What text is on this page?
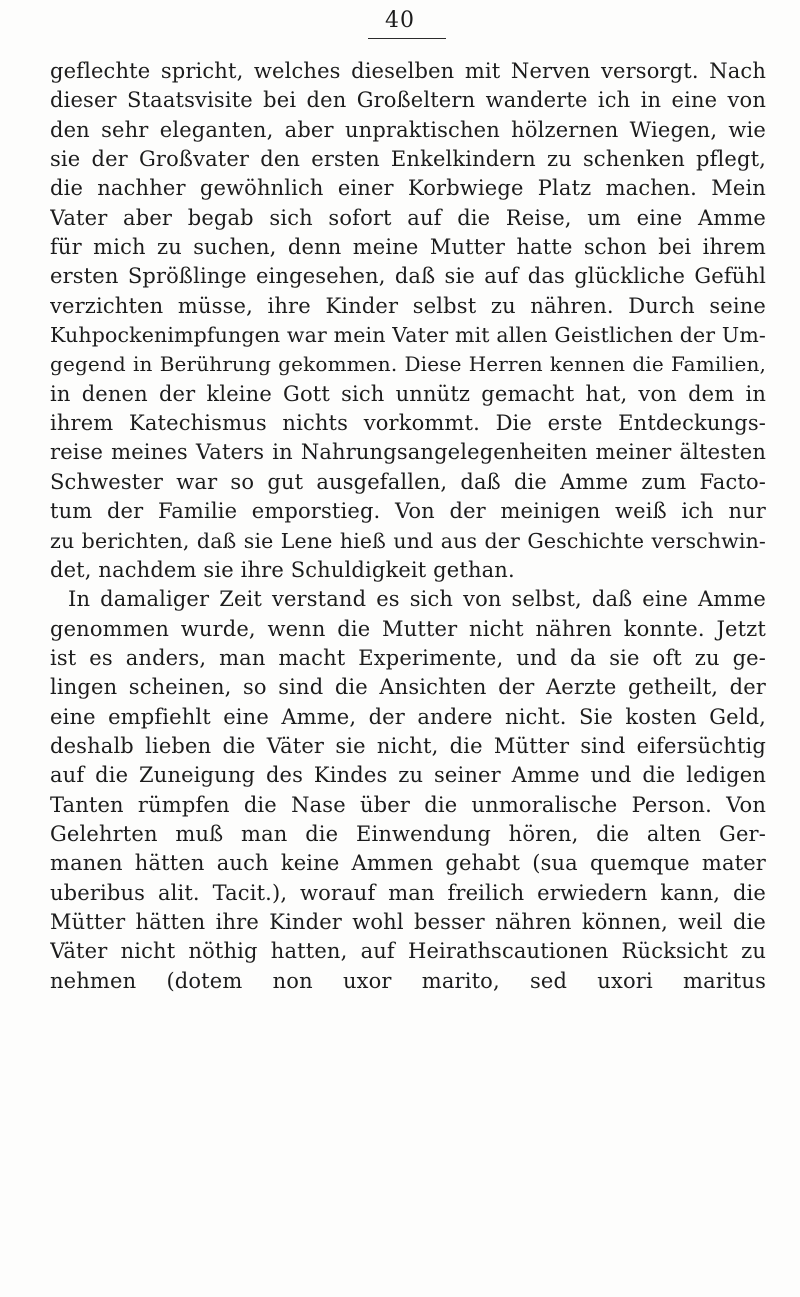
40
geflechte spricht, welches dieselben mit Nerven versorgt. Nach
dieser Staatsvisite bei den Großeltern wanderte ich in eine von
den sehr eleganten, aber unpraktischen hölzernen Wiegen, wie
sie der Großvater den ersten Enkelkindern zu schenken pflegt,
die nachher gewöhnlich einer Korbwiege Platz machen. Mein
Vater aber begab sich sofort auf die Reise, um eine Amme
für mich zu suchen, denn meine Mutter hatte schon bei ihrem
ersten Sprößlinge eingesehen, daß sie auf das glückliche Gefühl
verzichten müsse, ihre Kinder selbst zu nähren. Durch seine
Kuhpockenimpfungen war mein Vater mit allen Geistlichen der Um-
gegend in Berührung gekommen. Diese Herren kennen die Familien,
in denen der kleine Gott sich unnütz gemacht hat, von dem in
ihrem Katechismus nichts vorkommt. Die erste Entdeckungs-
reise meines Vaters in Nahrungsangelegenheiten meiner ältesten
Schwester war so gut ausgefallen, daß die Amme zum Facto-
tum der Familie emporstieg. Von der meinigen weiß ich nur
zu berichten, daß sie Lene hieß und aus der Geschichte verschwin-
det, nachdem sie ihre Schuldigkeit gethan.
In damaliger Zeit verstand es sich von selbst, daß eine Amme
genommen wurde, wenn die Mutter nicht nähren konnte. Jetzt
ist es anders, man macht Experimente, und da sie oft zu ge-
lingen scheinen, so sind die Ansichten der Aerzte getheilt, der
eine empfiehlt eine Amme, der andere nicht. Sie kosten Geld,
deshalb lieben die Väter sie nicht, die Mütter sind eifersüchtig
auf die Zuneigung des Kindes zu seiner Amme und die ledigen
Tanten rümpfen die Nase über die unmoralische Person. Von
Gelehrten muß man die Einwendung hören, die alten Ger-
manen hätten auch keine Ammen gehabt (sua quemque mater
uberibus alit. Tacit.), worauf man freilich erwiedern kann, die
Mütter hätten ihre Kinder wohl besser nähren können, weil die
Väter nicht nöthig hatten, auf Heirathscautionen Rücksicht zu
nehmen (dotem non uxor marito, sed uxori maritus
